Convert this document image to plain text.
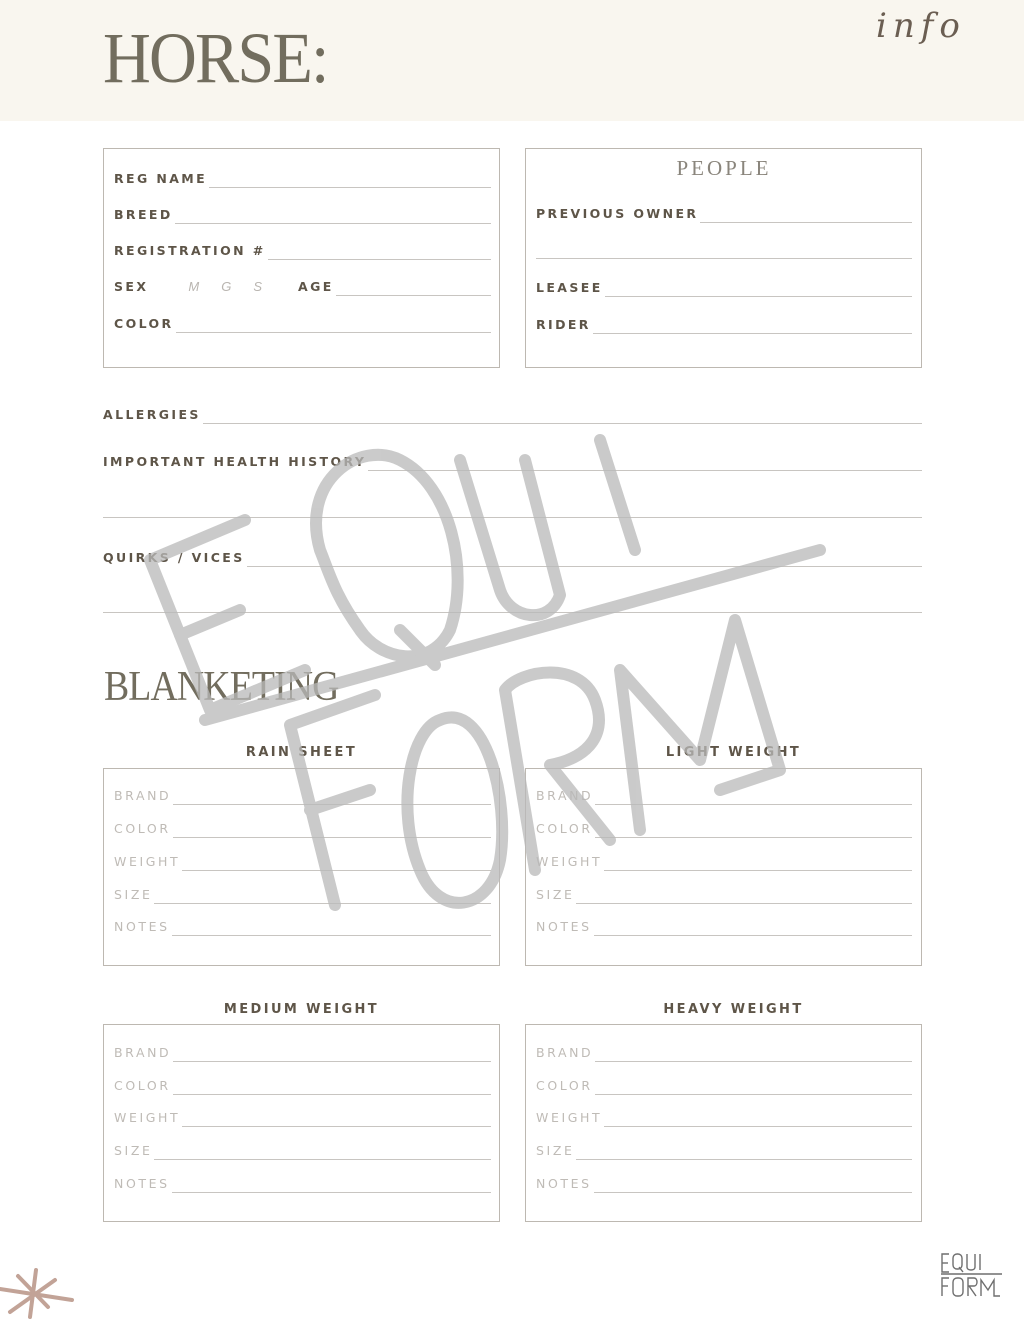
HORSE:	info
REG NAME
BREED
REGISTRATION #
SEX	M G S	AGE
COLOR
PEOPLE
PREVIOUS OWNER
LEASEE
RIDER
ALLERGIES
IMPORTANT HEALTH HISTORY
QUIRKS / VICES
BLANKETING
RAIN SHEET
BRAND
COLOR
WEIGHT
SIZE
NOTES
LIGHT WEIGHT
BRAND
COLOR
WEIGHT
SIZE
NOTES
MEDIUM WEIGHT
BRAND
COLOR
WEIGHT
SIZE
NOTES
HEAVY WEIGHT
BRAND
COLOR
WEIGHT
SIZE
NOTES
